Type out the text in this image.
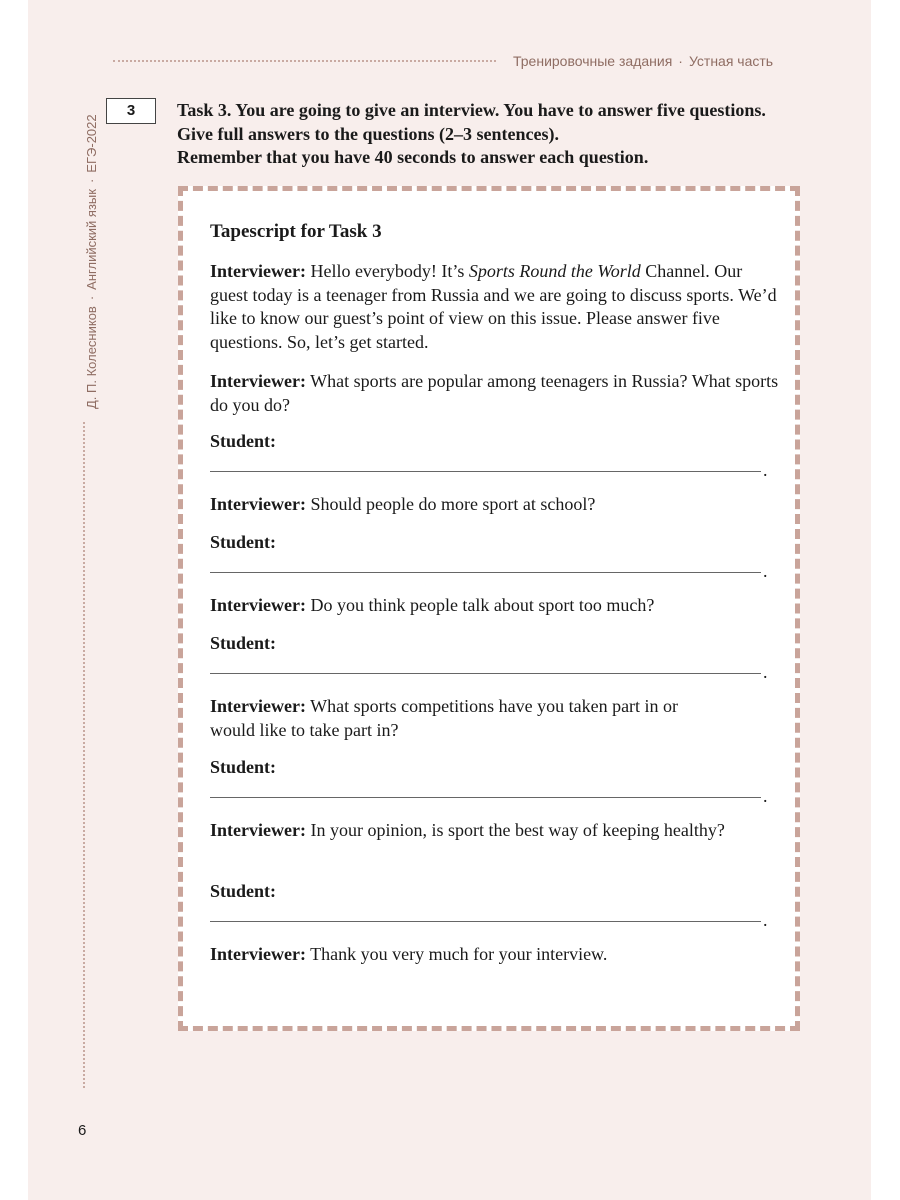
Тренировочные задания · Устная часть
Д. П. Колесников·Английский язык·ЕГЭ-2022
3	Task 3. You are going to give an interview. You have to answer five questions.
Give full answers to the questions (2–3 sentences).
Remember that you have 40 seconds to answer each question.
Tapescript for Task 3
Interviewer: Hello everybody! It’s Sports Round the World Channel. Our guest today is a teenager from Russia and we are going to discuss sports. We’d like to know our guest’s point of view on this issue. Please answer five questions. So, let’s get started.
Interviewer: What sports are popular among teenagers in Russia? What sports do you do?
Student:
.
Interviewer: Should people do more sport at school?
Student:
.
Interviewer: Do you think people talk about sport too much?
Student:
.
Interviewer: What sports competitions have you taken part in or would like to take part in?
Student:
.
Interviewer: In your opinion, is sport the best way of keeping healthy?
Student:
.
Interviewer: Thank you very much for your interview.
6
